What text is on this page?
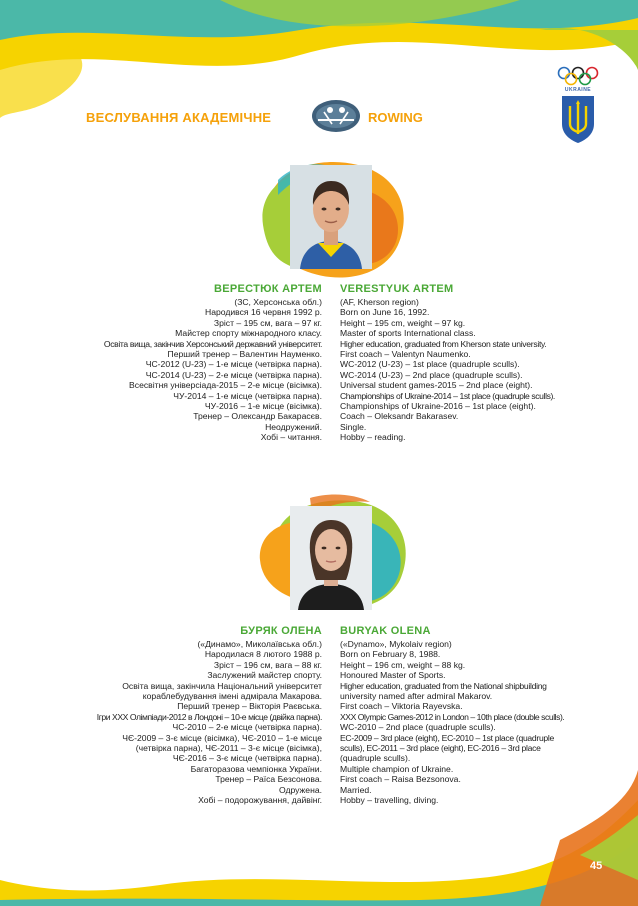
ВЕСЛУВАННЯ АКАДЕМІЧНЕ	ROWING
UKRAINE
ВЕРЕСТЮК АРТЕМ
(ЗС, Херсонська обл.)
Народився 16 червня 1992 р.
Зріст – 195 см, вага – 97 кг.
Майстер спорту міжнародного класу.
Освіта вища, закінчив Херсонський державний університет.
Перший тренер – Валентин Науменко.
ЧС-2012 (U-23) – 1-е місце (четвірка парна).
ЧС-2014 (U-23) – 2-е місце (четвірка парна).
Всесвітня універсіада-2015 – 2-е місце (вісімка).
ЧУ-2014 – 1-е місце (четвірка парна).
ЧУ-2016 – 1-е місце (вісімка).
Тренер – Олександр Бакарасєв.
Неодружений.
Хобі – читання.
VERESTYUK ARTEM
(AF, Kherson region)
Born on June 16, 1992.
Height – 195 cm, weight – 97 kg.
Master of sports International class.
Higher education, graduated from Kherson state university.
First coach – Valentyn Naumenko.
WC-2012 (U-23) – 1st place (quadruple sculls).
WC-2014 (U-23) – 2nd place (quadruple sculls).
Universal student games-2015 – 2nd place (eight).
Championships of Ukraine-2014 – 1st place (quadruple sculls).
Championships of Ukraine-2016 – 1st place (eight).
Coach – Oleksandr Bakarasev.
Single.
Hobby – reading.
БУРЯК ОЛЕНА
(«Динамо», Миколаївська обл.)
Народилася 8 лютого 1988 р.
Зріст – 196 см, вага – 88 кг.
Заслужений майстер спорту.
Освіта вища, закінчила Національний університет
кораблебудування імені адмірала Макарова.
Перший тренер – Вікторія Раєвська.
Ігри ХХХ Олімпіади-2012 в Лондоні – 10-е місце (двійка парна).
ЧС-2010 – 2-е місце (четвірка парна).
ЧЄ-2009 – 3-є місце (вісімка), ЧЄ-2010 – 1-е місце
(четвірка парна), ЧЄ-2011 – 3-є місце (вісімка),
ЧЄ-2016 – 3-є місце (четвірка парна).
Багаторазова чемпіонка України.
Тренер – Раїса Безсонова.
Одружена.
Хобі – подорожування, дайвінг.
BURYAK OLENA
(«Dynamo», Mykolaiv region)
Born on February 8, 1988.
Height – 196 cm, weight – 88 kg.
Honoured Master of Sports.
Higher education, graduated from the National shipbuilding
university named after admiral Makarov.
First coach – Viktoria Rayevska.
XXX Olympic Games-2012 in London – 10th place (double sculls).
WC-2010 – 2nd place (quadruple sculls).
EC-2009 – 3rd place (eight), EC-2010 – 1st place (quadruple
sculls), EC-2011 – 3rd place (eight), EC-2016 – 3rd place
(quadruple sculls).
Multiple champion of Ukraine.
First coach – Raisa Bezsonova.
Married.
Hobby – travelling, diving.
45
